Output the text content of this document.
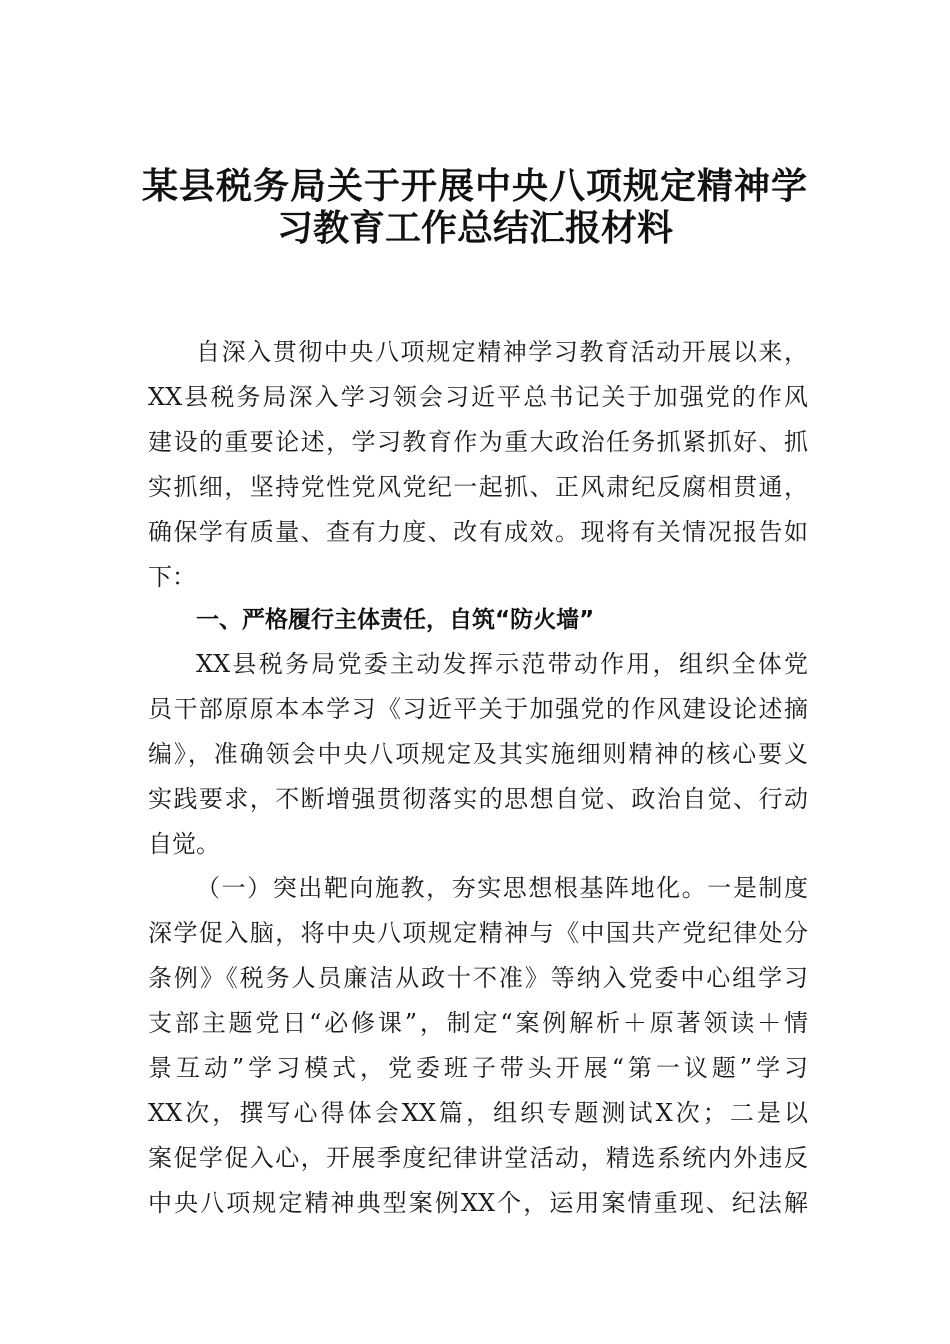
某县税务局关于开展中央八项规定精神学
习教育工作总结汇报材料

自深入贯彻中央八项规定精神学习教育活动开展以来，

XX县税务局深入学习领会习近平总书记关于加强党的作风

建设的重要论述，学习教育作为重大政治任务抓紧抓好、抓

实抓细，坚持党性党风党纪一起抓、正风肃纪反腐相贯通，

确保学有质量、查有力度、改有成效。现将有关情况报告如

下：

一、严格履行主体责任，自筑“防火墙”

XX县税务局党委主动发挥示范带动作用，组织全体党

员干部原原本本学习《习近平关于加强党的作风建设论述摘

编》，准确领会中央八项规定及其实施细则精神的核心要义

实践要求，不断增强贯彻落实的思想自觉、政治自觉、行动

自觉。

（一）突出靶向施教，夯实思想根基阵地化。一是制度

深学促入脑，将中央八项规定精神与《中国共产党纪律处分

条例》《税务人员廉洁从政十不准》等纳入党委中心组学习

支部主题党日“必修课”，制定“案例解析＋原著领读＋情

景互动”学习模式，党委班子带头开展“第一议题”学习

XX次，撰写心得体会XX篇，组织专题测试X次；二是以

案促学促入心，开展季度纪律讲堂活动，精选系统内外违反

中央八项规定精神典型案例XX个，运用案情重现、纪法解
